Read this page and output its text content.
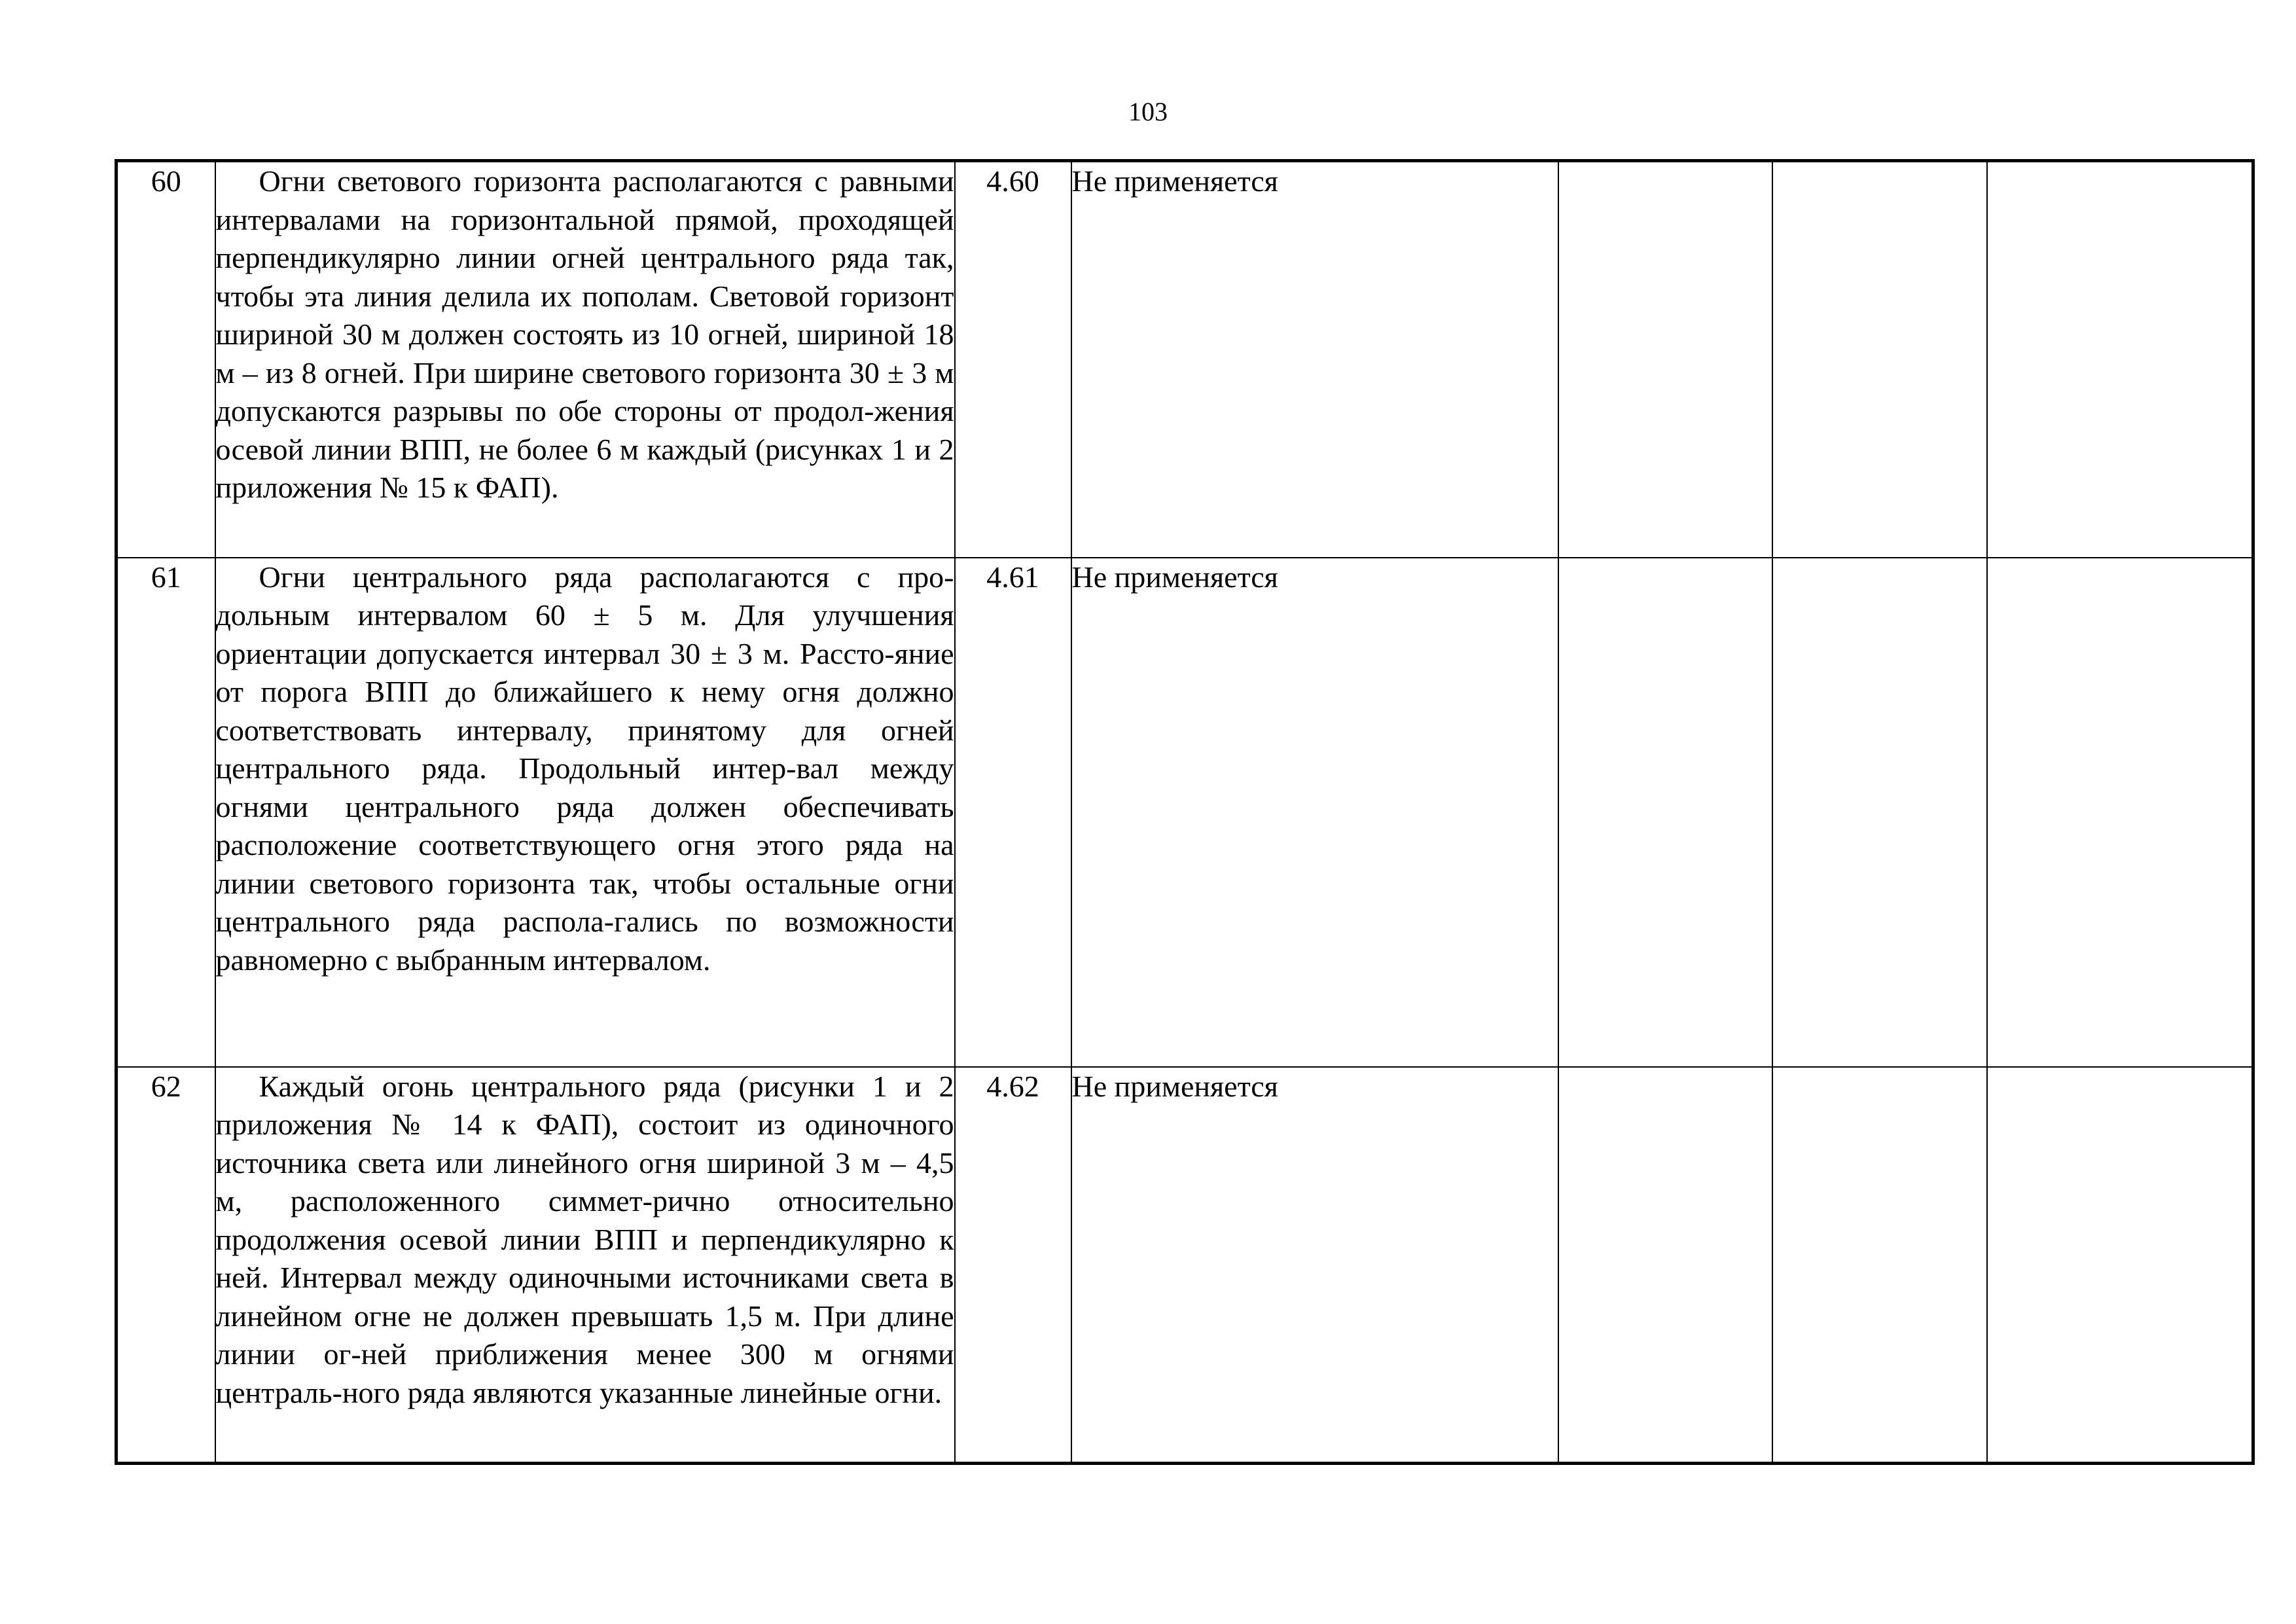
103
60	Огни светового горизонта располагаются с равными интервалами на горизонтальной прямой, проходящей перпендикулярно линии огней центрального ряда так, чтобы эта линия делила их пополам. Световой горизонт шириной 30 м должен состоять из 10 огней, шириной 18 м – из 8 огней. При ширине светового горизонта 30 ± 3 м допускаются разрывы по обе стороны от продол-жения осевой линии ВПП, не более 6 м каждый (рисунках 1 и 2 приложения № 15 к ФАП).	4.60	Не применяется			
61	Огни центрального ряда располагаются с про-дольным интервалом 60 ± 5 м. Для улучшения ориентации допускается интервал 30 ± 3 м. Рассто-яние от порога ВПП до ближайшего к нему огня должно соответствовать интервалу, принятому для огней центрального ряда. Продольный интер-вал между огнями центрального ряда должен обеспечивать расположение соответствующего огня этого ряда на линии светового горизонта так, чтобы остальные огни центрального ряда распола-гались по возможности равномерно с выбранным интервалом.	4.61	Не применяется			
62	Каждый огонь центрального ряда (рисунки 1 и 2 приложения № 14 к ФАП), состоит из одиночного источника света или линейного огня шириной 3 м – 4,5 м, расположенного симмет-рично относительно продолжения осевой линии ВПП и перпендикулярно к ней. Интервал между одиночными источниками света в линейном огне не должен превышать 1,5 м. При длине линии ог-ней приближения менее 300 м огнями централь-ного ряда являются указанные линейные огни.	4.62	Не применяется			
